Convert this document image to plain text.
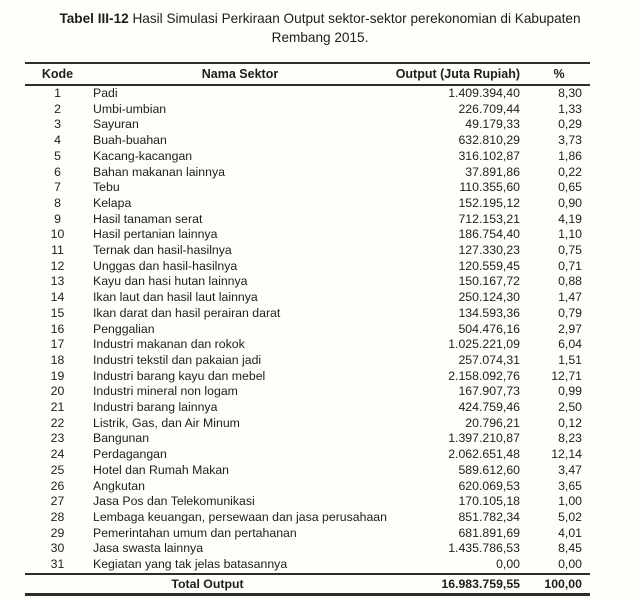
Tabel III-12 Hasil Simulasi Perkiraan Output sektor-sektor perekonomian di Kabupaten
Rembang 2015.
Kode	Nama Sektor	Output (Juta Rupiah)	%
1	Padi	1.409.394,40	8,30
2	Umbi-umbian	226.709,44	1,33
3	Sayuran	49.179,33	0,29
4	Buah-buahan	632.810,29	3,73
5	Kacang-kacangan	316.102,87	1,86
6	Bahan makanan lainnya	37.891,86	0,22
7	Tebu	110.355,60	0,65
8	Kelapa	152.195,12	0,90
9	Hasil tanaman serat	712.153,21	4,19
10	Hasil pertanian lainnya	186.754,40	1,10
11	Ternak dan hasil-hasilnya	127.330,23	0,75
12	Unggas dan hasil-hasilnya	120.559,45	0,71
13	Kayu dan hasi hutan lainnya	150.167,72	0,88
14	Ikan laut dan hasil laut lainnya	250.124,30	1,47
15	Ikan darat dan hasil perairan darat	134.593,36	0,79
16	Penggalian	504.476,16	2,97
17	Industri makanan dan rokok	1.025.221,09	6,04
18	Industri tekstil dan pakaian jadi	257.074,31	1,51
19	Industri barang kayu dan mebel	2.158.092,76	12,71
20	Industri mineral non logam	167.907,73	0,99
21	Industri barang lainnya	424.759,46	2,50
22	Listrik, Gas, dan Air Minum	20.796,21	0,12
23	Bangunan	1.397.210,87	8,23
24	Perdagangan	2.062.651,48	12,14
25	Hotel dan Rumah Makan	589.612,60	3,47
26	Angkutan	620.069,53	3,65
27	Jasa Pos dan Telekomunikasi	170.105,18	1,00
28	Lembaga keuangan, persewaan dan jasa perusahaan	851.782,34	5,02
29	Pemerintahan umum dan pertahanan	681.891,69	4,01
30	Jasa swasta lainnya	1.435.786,53	8,45
31	Kegiatan yang tak jelas batasannya	0,00	0,00
Total Output		16.983.759,55	100,00
